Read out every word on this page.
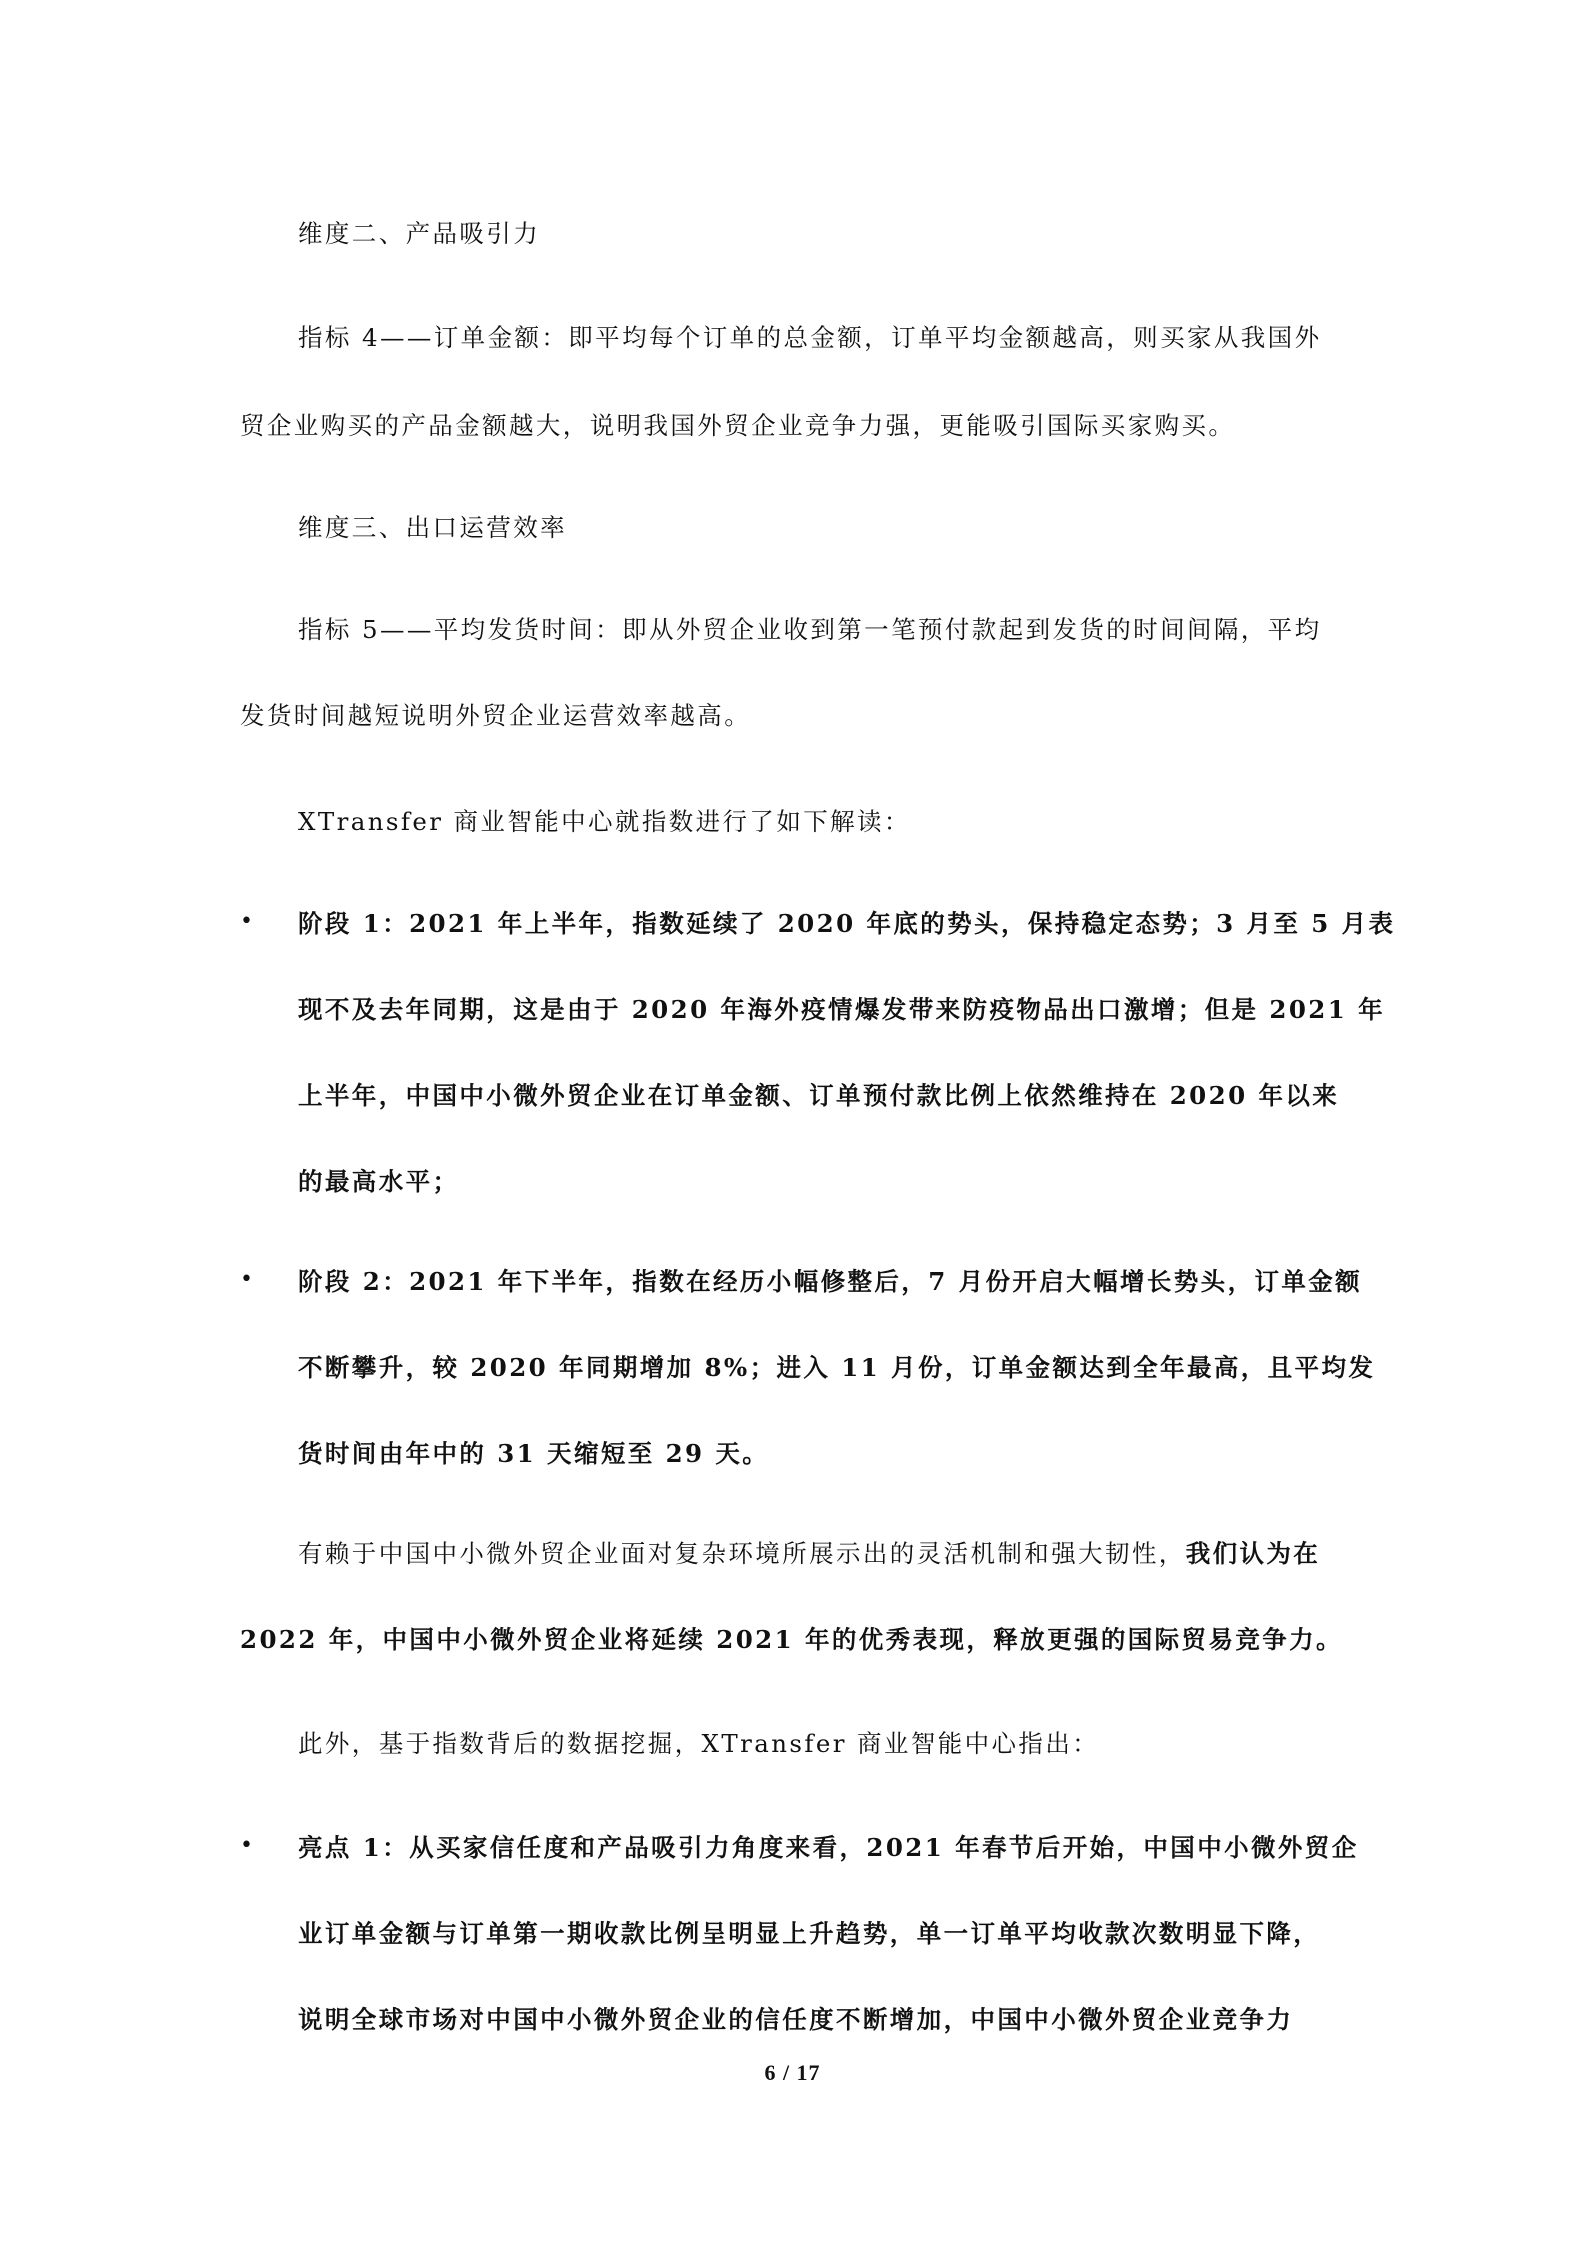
维度二、产品吸引力
指标 4——订单金额：即平均每个订单的总金额，订单平均金额越高，则买家从我国外
贸企业购买的产品金额越大，说明我国外贸企业竞争力强，更能吸引国际买家购买。
维度三、出口运营效率
指标 5——平均发货时间：即从外贸企业收到第一笔预付款起到发货的时间间隔，平均
发货时间越短说明外贸企业运营效率越高。
XTransfer 商业智能中心就指数进行了如下解读：
• 阶段 1：2021 年上半年，指数延续了 2020 年底的势头，保持稳定态势；3 月至 5 月表
现不及去年同期，这是由于 2020 年海外疫情爆发带来防疫物品出口激增；但是 2021 年
上半年，中国中小微外贸企业在订单金额、订单预付款比例上依然维持在 2020 年以来
的最高水平；
• 阶段 2：2021 年下半年，指数在经历小幅修整后，7 月份开启大幅增长势头，订单金额
不断攀升，较 2020 年同期增加 8%；进入 11 月份，订单金额达到全年最高，且平均发
货时间由年中的 31 天缩短至 29 天。
有赖于中国中小微外贸企业面对复杂环境所展示出的灵活机制和强大韧性，我们认为在
2022 年，中国中小微外贸企业将延续 2021 年的优秀表现，释放更强的国际贸易竞争力。
此外，基于指数背后的数据挖掘，XTransfer 商业智能中心指出：
• 亮点 1：从买家信任度和产品吸引力角度来看，2021 年春节后开始，中国中小微外贸企
业订单金额与订单第一期收款比例呈明显上升趋势，单一订单平均收款次数明显下降，
说明全球市场对中国中小微外贸企业的信任度不断增加，中国中小微外贸企业竞争力
6 / 17
